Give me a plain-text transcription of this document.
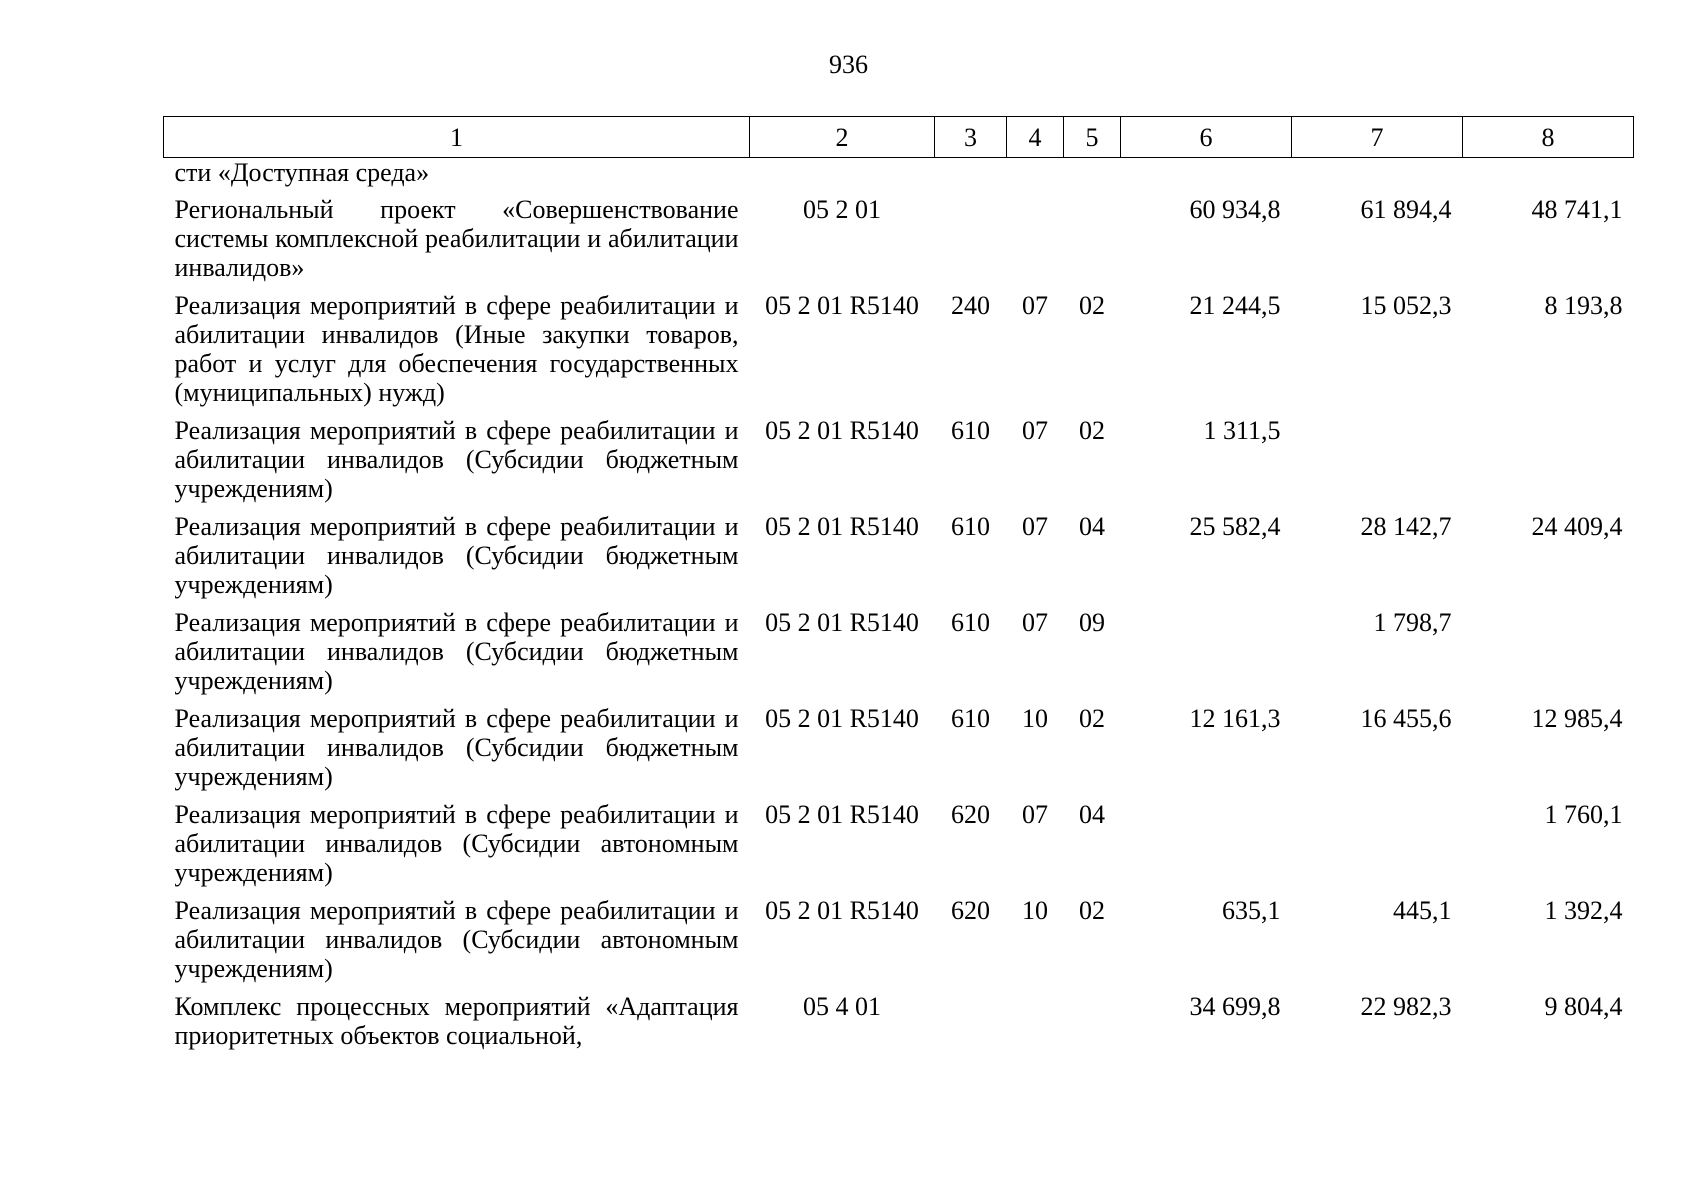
936
1	2	3	4	5	6	7	8
сти «Доступная среда»							
Региональный проект «Совершенствование системы комплексной реабилитации и абилитации инвалидов»	05 2 01				60 934,8	61 894,4	48 741,1
Реализация мероприятий в сфере реабилитации и абилитации инвалидов (Иные закупки товаров, работ и услуг для обеспечения государственных (муниципальных) нужд)	05 2 01 R5140	240	07	02	21 244,5	15 052,3	8 193,8
Реализация мероприятий в сфере реабилитации и абилитации инвалидов (Субсидии бюджетным учреждениям)	05 2 01 R5140	610	07	02	1 311,5		
Реализация мероприятий в сфере реабилитации и абилитации инвалидов (Субсидии бюджетным учреждениям)	05 2 01 R5140	610	07	04	25 582,4	28 142,7	24 409,4
Реализация мероприятий в сфере реабилитации и абилитации инвалидов (Субсидии бюджетным учреждениям)	05 2 01 R5140	610	07	09		1 798,7	
Реализация мероприятий в сфере реабилитации и абилитации инвалидов (Субсидии бюджетным учреждениям)	05 2 01 R5140	610	10	02	12 161,3	16 455,6	12 985,4
Реализация мероприятий в сфере реабилитации и абилитации инвалидов (Субсидии автономным учреждениям)	05 2 01 R5140	620	07	04			1 760,1
Реализация мероприятий в сфере реабилитации и абилитации инвалидов (Субсидии автономным учреждениям)	05 2 01 R5140	620	10	02	635,1	445,1	1 392,4
Комплекс процессных мероприятий «Адаптация приоритетных объектов социальной,	05 4 01				34 699,8	22 982,3	9 804,4
